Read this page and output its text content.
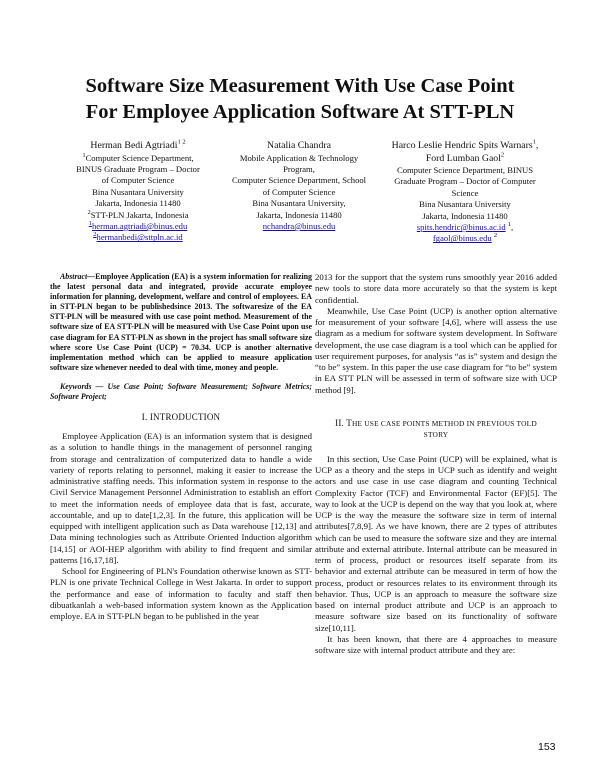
Software Size Measurement With Use Case Point
For Employee Application Software At STT-PLN
Herman Bedi Agtriadi$^{1 2}$
$^1$Computer Science Department,
BINUS Graduate Program – Doctor
of Computer Science
Bina Nusantara University
Jakarta, Indonesia 11480
$^2$STT-PLN Jakarta, Indonesia
$^1$herman.agtriadi@binus.edu
$^2$hermanbedi@sttpln.ac.id
Natalia Chandra
Mobile Application & Technology
Program,
Computer Science Department, School
of Computer Science
Bina Nusantara University,
Jakarta, Indonesia 11480
nchandra@binus.edu
Harco Leslie Hendric Spits Warnars$^1$,
Ford Lumban Gaol$^2$
Computer Science Department, BINUS
Graduate Program – Doctor of Computer
Science
Bina Nusantara University
Jakarta, Indonesia 11480
spits.hendric@binus.ac.id $^1$,
fgaol@binus.edu $^2$

Abstract—Employee Application (EA) is a system information for realizing the latest personal data and integrated, provide accurate employee information for planning, development, welfare and control of employees. EA in STT-PLN began to be publishedsince 2013. The softwaresize of the EA STT-PLN will be measured with use case point method. Measurement of the software size of EA STT-PLN will be measured with Use Case Point upon use case diagram for EA STT-PLN as shown in the project has small software size where score Use Case Point (UCP) = 70.34. UCP is another alternative implementation method which can be applied to measure application software size whenever needed to deal with time, money and people.

Keywords — Use Case Point; Software Measurement; Software Metrics; Software Project;

I. INTRODUCTION

Employee Application (EA) is an information system that is designed as a solution to handle things in the management of personnel ranging from storage and centralization of computerized data to handle a wide variety of reports relating to personnel, making it easier to increase the administrative staffing needs. This information system in response to the Civil Service Management Personnel Administration to establish an effort to meet the information needs of employee data that is fast, accurate, accountable, and up to date[1,2,3]. In the future, this application will be equipped with intelligent application such as Data warehouse [12,13] and Data mining technologies such as Attribute Oriented Induction algorithm [14,15] or AOI-HEP algorithm with ability to find frequent and similar patterns [16,17,18].

School for Engineering of PLN's Foundation otherwise known as STT-PLN is one private Technical College in West Jakarta. In order to support the performance and ease of information to faculty and staff then dibuatkanlah a web-based information system known as the Application employe. EA in STT-PLN began to be published in the year

2013 for the support that the system runs smoothly year 2016 added new tools to store data more accurately so that the system is kept confidential.

Meanwhile, Use Case Point (UCP) is another option alternative for measurement of your software [4,6], where will assess the use diagram as a medium for software system development. In Software development, the use case diagram is a tool which can be applied for user requirement purposes, for analysis “as is” system and design the “to be” system. In this paper the use case diagram for “to be” system in EA STT PLN will be assessed in term of software size with UCP method [9].

II. THE USE CASE POINTS METHOD IN PREVIOUS TOLD
STORY

In this section, Use Case Point (UCP) will be explained, what is UCP as a theory and the steps in UCP such as identify and weight actors and use case in use case diagram and counting Technical Complexity Factor (TCF) and Environmental Factor (EF)[5]. The way to look at the UCP is depend on the way that you look at, where UCP is the way the measure the software size in term of internal attributes[7,8,9]. As we have known, there are 2 types of attributes which can be used to measure the software size and they are internal attribute and external attribute. Internal attribute can be measured in term of process, product or resources itself separate from its behavior and external attribute can be measured in term of how the process, product or resources relates to its environment through its behavior. Thus, UCP is an approach to measure the software size based on internal product attribute and UCP is an approach to measure software size based on its functionality of software size[10,11].

It has been known, that there are 4 approaches to measure software size with internal product attribute and they are:

153
